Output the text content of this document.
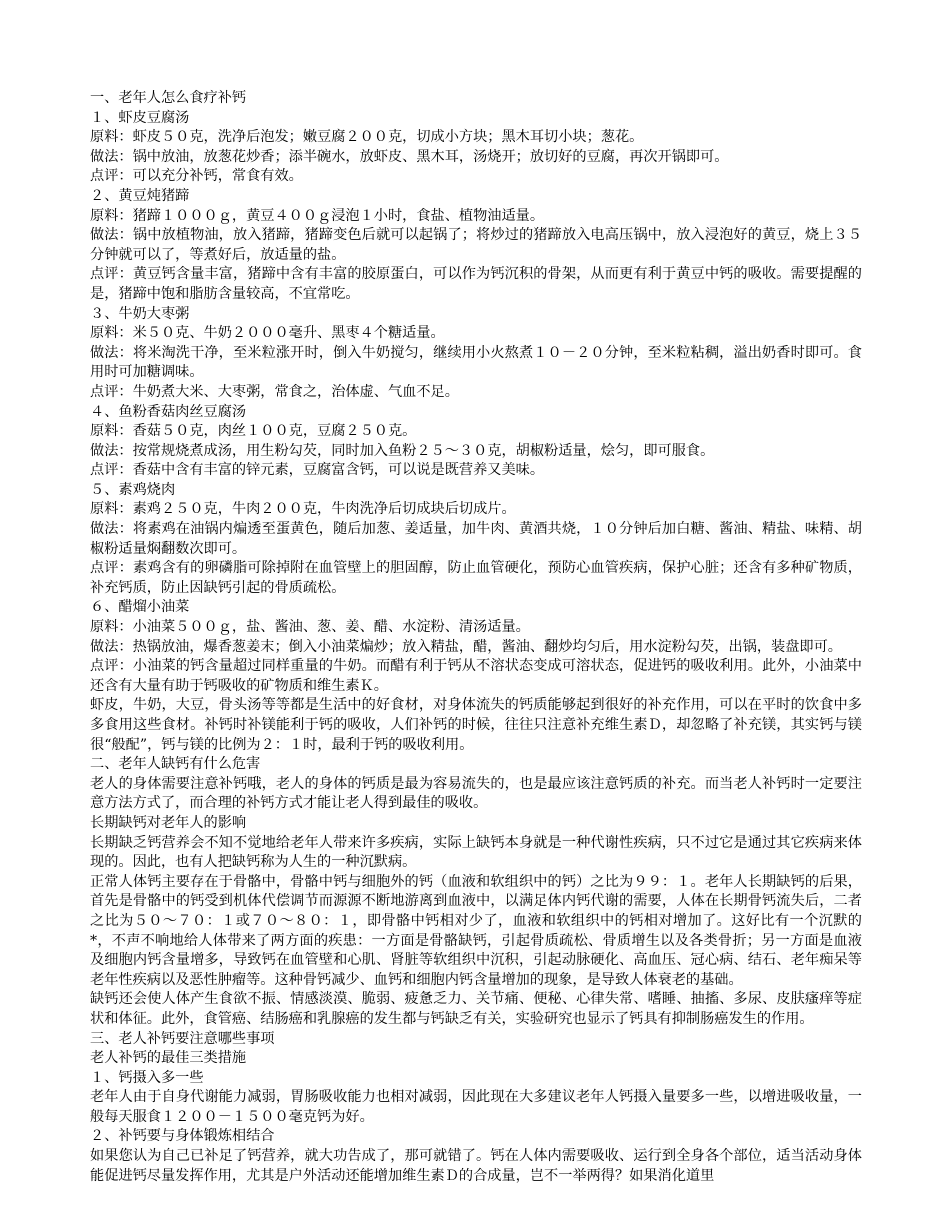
一、老年人怎么食疗补钙

１、虾皮豆腐汤

原料：虾皮５０克，洗净后泡发；嫩豆腐２００克，切成小方块；黑木耳切小块；葱花。

做法：锅中放油，放葱花炒香；添半碗水，放虾皮、黑木耳，汤烧开；放切好的豆腐，再次开锅即可。

点评：可以充分补钙，常食有效。

２、黄豆炖猪蹄

原料：猪蹄１０００ｇ，黄豆４００ｇ浸泡１小时，食盐、植物油适量。

做法：锅中放植物油，放入猪蹄，猪蹄变色后就可以起锅了；将炒过的猪蹄放入电高压锅中，放入浸泡好的黄豆，烧上３５分钟就可以了，等煮好后，放适量的盐。

点评：黄豆钙含量丰富，猪蹄中含有丰富的胶原蛋白，可以作为钙沉积的骨架，从而更有利于黄豆中钙的吸收。需要提醒的是，猪蹄中饱和脂肪含量较高，不宜常吃。

３、牛奶大枣粥

原料：米５０克、牛奶２０００毫升、黑枣４个糖适量。

做法：将米淘洗干净，至米粒涨开时，倒入牛奶搅匀，继续用小火熬煮１０－２０分钟，至米粒粘稠，溢出奶香时即可。食用时可加糖调味。

点评：牛奶煮大米、大枣粥，常食之，治体虚、气血不足。

４、鱼粉香菇肉丝豆腐汤

原料：香菇５０克，肉丝１００克，豆腐２５０克。

做法：按常规烧煮成汤，用生粉勾芡，同时加入鱼粉２５～３０克，胡椒粉适量，烩匀，即可服食。

点评：香菇中含有丰富的锌元素，豆腐富含钙，可以说是既营养又美味。

５、素鸡烧肉

原料：素鸡２５０克，牛肉２００克，牛肉洗净后切成块后切成片。

做法：将素鸡在油锅内煸透至蛋黄色，随后加葱、姜适量，加牛肉、黄酒共烧，１０分钟后加白糖、酱油、精盐、味精、胡椒粉适量焖翻数次即可。

点评：素鸡含有的卵磷脂可除掉附在血管壁上的胆固醇，防止血管硬化，预防心血管疾病，保护心脏；还含有多种矿物质，补充钙质，防止因缺钙引起的骨质疏松。

６、醋熘小油菜

原料：小油菜５００ｇ，盐、酱油、葱、姜、醋、水淀粉、清汤适量。

做法：热锅放油，爆香葱姜末；倒入小油菜煸炒；放入精盐，醋，酱油、翻炒均匀后，用水淀粉勾芡，出锅，装盘即可。

点评：小油菜的钙含量超过同样重量的牛奶。而醋有利于钙从不溶状态变成可溶状态，促进钙的吸收利用。此外，小油菜中还含有大量有助于钙吸收的矿物质和维生素Ｋ。

虾皮，牛奶，大豆，骨头汤等等都是生活中的好食材，对身体流失的钙质能够起到很好的补充作用，可以在平时的饮食中多多食用这些食材。补钙时补镁能利于钙的吸收，人们补钙的时候，往往只注意补充维生素Ｄ，却忽略了补充镁，其实钙与镁很“般配”，钙与镁的比例为２：１时，最利于钙的吸收利用。

二、老年人缺钙有什么危害

老人的身体需要注意补钙哦，老人的身体的钙质是最为容易流失的，也是最应该注意钙质的补充。而当老人补钙时一定要注意方法方式了，而合理的补钙方式才能让老人得到最佳的吸收。

长期缺钙对老年人的影响

长期缺乏钙营养会不知不觉地给老年人带来许多疾病，实际上缺钙本身就是一种代谢性疾病，只不过它是通过其它疾病来体现的。因此，也有人把缺钙称为人生的一种沉默病。

正常人体钙主要存在于骨骼中，骨骼中钙与细胞外的钙（血液和软组织中的钙）之比为９９：１。老年人长期缺钙的后果，首先是骨骼中的钙受到机体代偿调节而源源不断地游离到血液中，以满足体内钙代谢的需要，人体在长期骨钙流失后，二者之比为５０～７０：１或７０～８０：１，即骨骼中钙相对少了，血液和软组织中的钙相对增加了。这好比有一个沉默的*，不声不响地给人体带来了两方面的疾患：一方面是骨骼缺钙，引起骨质疏松、骨质增生以及各类骨折；另一方面是血液及细胞内钙含量增多，导致钙在血管壁和心肌、肾脏等软组织中沉积，引起动脉硬化、高血压、冠心病、结石、老年痴呆等老年性疾病以及恶性肿瘤等。这种骨钙减少、血钙和细胞内钙含量增加的现象，是导致人体衰老的基础。

缺钙还会使人体产生食欲不振、情感淡漠、脆弱、疲惫乏力、关节痛、便秘、心律失常、嗜睡、抽搐、多尿、皮肤瘙痒等症状和体征。此外，食管癌、结肠癌和乳腺癌的发生都与钙缺乏有关，实验研究也显示了钙具有抑制肠癌发生的作用。

三、老人补钙要注意哪些事项

老人补钙的最佳三类措施

１、钙摄入多一些

老年人由于自身代谢能力减弱，胃肠吸收能力也相对减弱，因此现在大多建议老年人钙摄入量要多一些，以增进吸收量，一般每天服食１２００－１５００毫克钙为好。

２、补钙要与身体锻炼相结合

如果您认为自己已补足了钙营养，就大功告成了，那可就错了。钙在人体内需要吸收、运行到全身各个部位，适当活动身体能促进钙尽量发挥作用，尤其是户外活动还能增加维生素Ｄ的合成量，岂不一举两得？如果消化道里
